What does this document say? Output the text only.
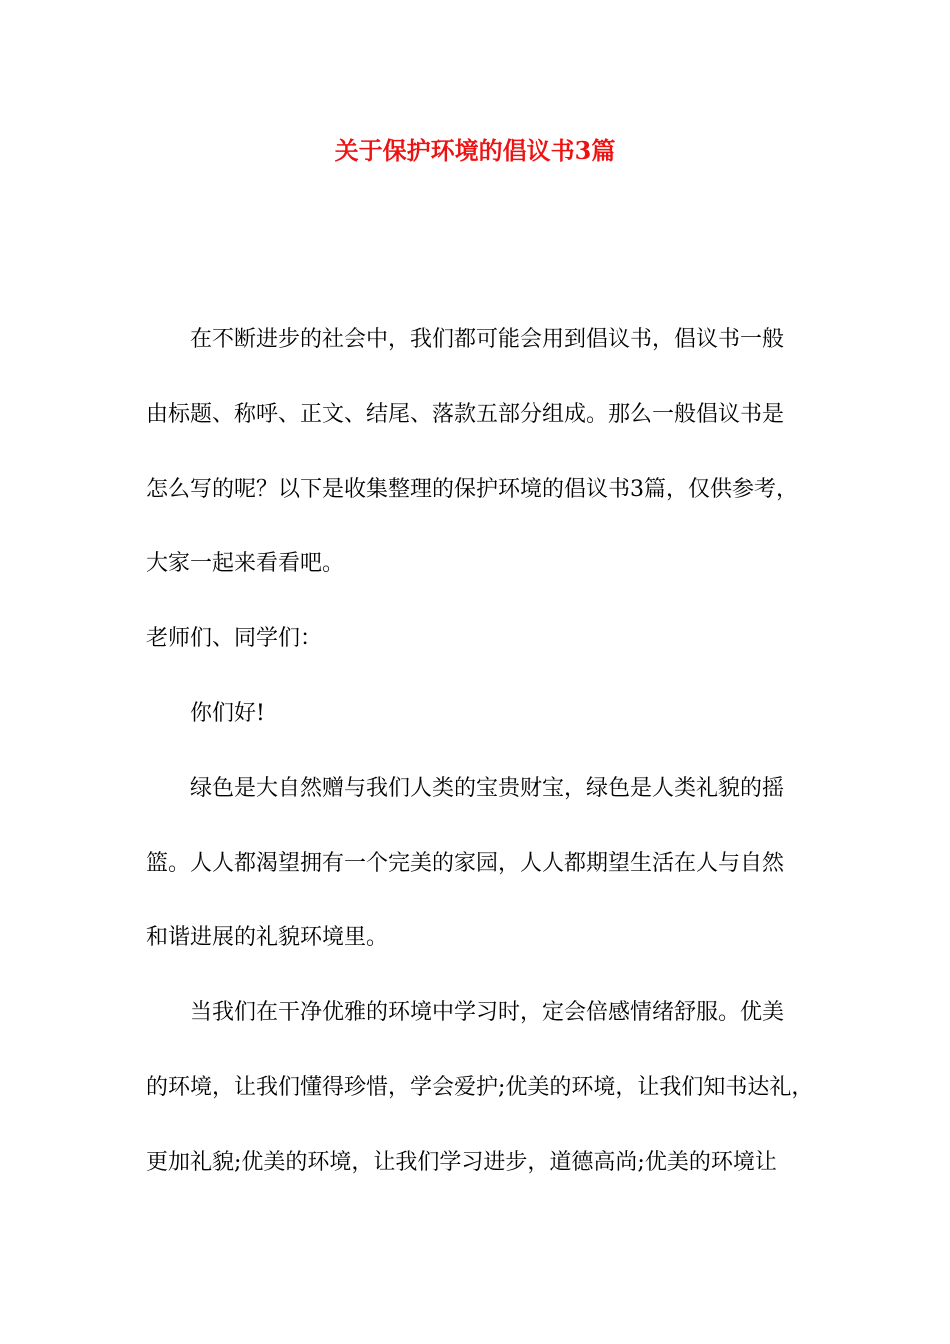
关于保护环境的倡议书3篇
在不断进步的社会中，我们都可能会用到倡议书，倡议书一般
由标题、称呼、正文、结尾、落款五部分组成。那么一般倡议书是
怎么写的呢？以下是收集整理的保护环境的倡议书3篇，仅供参考，
大家一起来看看吧。
老师们、同学们：
你们好!
绿色是大自然赠与我们人类的宝贵财宝，绿色是人类礼貌的摇
篮。人人都渴望拥有一个完美的家园，人人都期望生活在人与自然
和谐进展的礼貌环境里。
当我们在干净优雅的环境中学习时，定会倍感情绪舒服。优美
的环境，让我们懂得珍惜，学会爱护;优美的环境，让我们知书达礼，
更加礼貌;优美的环境，让我们学习进步，道德高尚;优美的环境让
